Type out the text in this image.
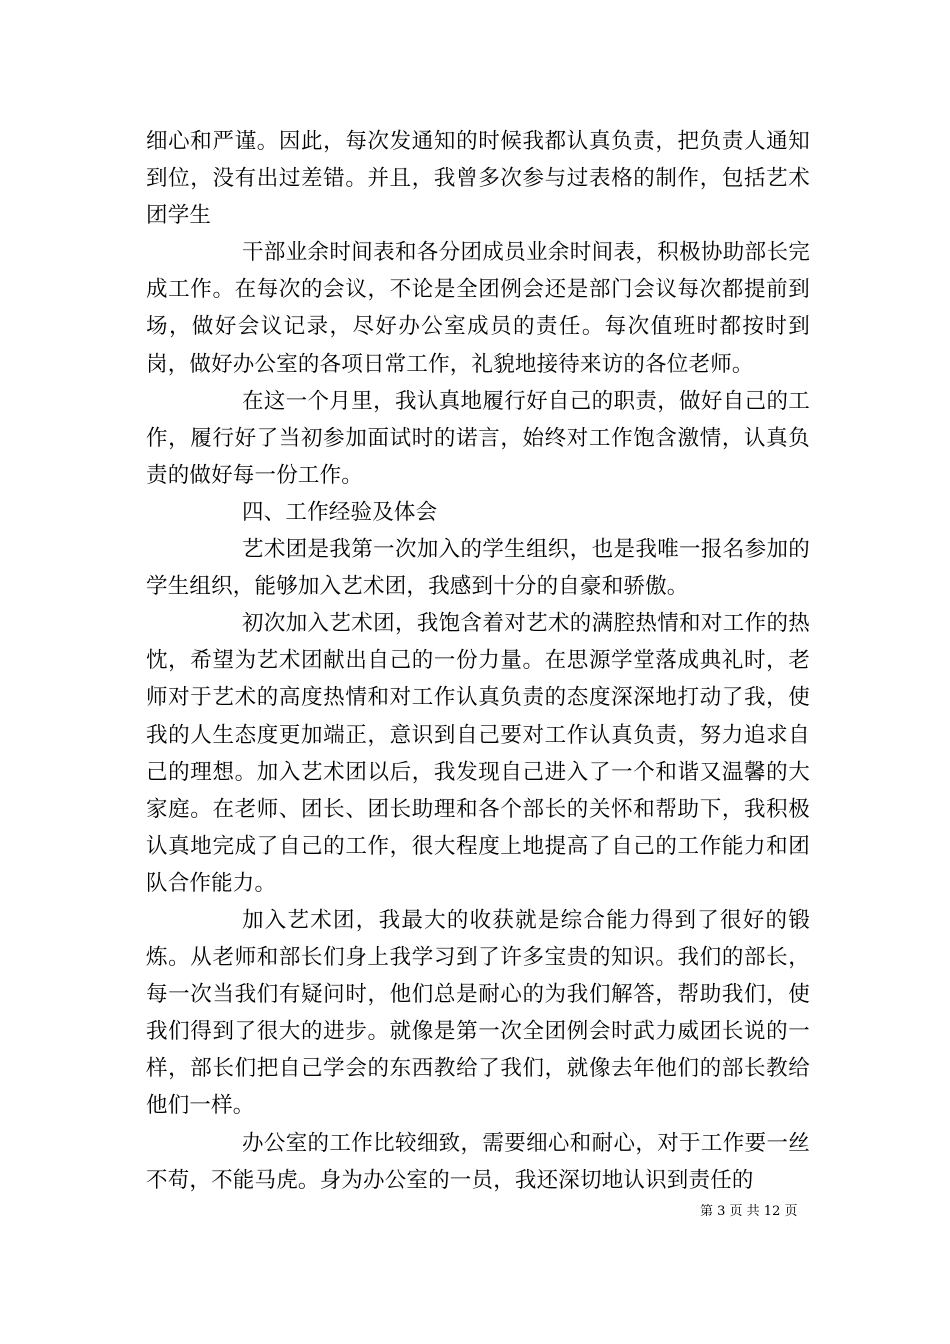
细心和严谨。因此，每次发通知的时候我都认真负责，把负责人通知到位，没有出过差错。并且，我曾多次参与过表格的制作，包括艺术团学生

干部业余时间表和各分团成员业余时间表，积极协助部长完成工作。在每次的会议，不论是全团例会还是部门会议每次都提前到场，做好会议记录，尽好办公室成员的责任。每次值班时都按时到岗，做好办公室的各项日常工作，礼貌地接待来访的各位老师。

在这一个月里，我认真地履行好自己的职责，做好自己的工作，履行好了当初参加面试时的诺言，始终对工作饱含激情，认真负责的做好每一份工作。

四、工作经验及体会

艺术团是我第一次加入的学生组织，也是我唯一报名参加的学生组织，能够加入艺术团，我感到十分的自豪和骄傲。

初次加入艺术团，我饱含着对艺术的满腔热情和对工作的热忱，希望为艺术团献出自己的一份力量。在思源学堂落成典礼时，老师对于艺术的高度热情和对工作认真负责的态度深深地打动了我，使我的人生态度更加端正，意识到自己要对工作认真负责，努力追求自己的理想。加入艺术团以后，我发现自己进入了一个和谐又温馨的大家庭。在老师、团长、团长助理和各个部长的关怀和帮助下，我积极认真地完成了自己的工作，很大程度上地提高了自己的工作能力和团队合作能力。

加入艺术团，我最大的收获就是综合能力得到了很好的锻炼。从老师和部长们身上我学习到了许多宝贵的知识。我们的部长，每一次当我们有疑问时，他们总是耐心的为我们解答，帮助我们，使我们得到了很大的进步。就像是第一次全团例会时武力威团长说的一样，部长们把自己学会的东西教给了我们，就像去年他们的部长教给他们一样。

办公室的工作比较细致，需要细心和耐心，对于工作要一丝不苟，不能马虎。身为办公室的一员，我还深切地认识到责任的

第 3 页 共 12 页
